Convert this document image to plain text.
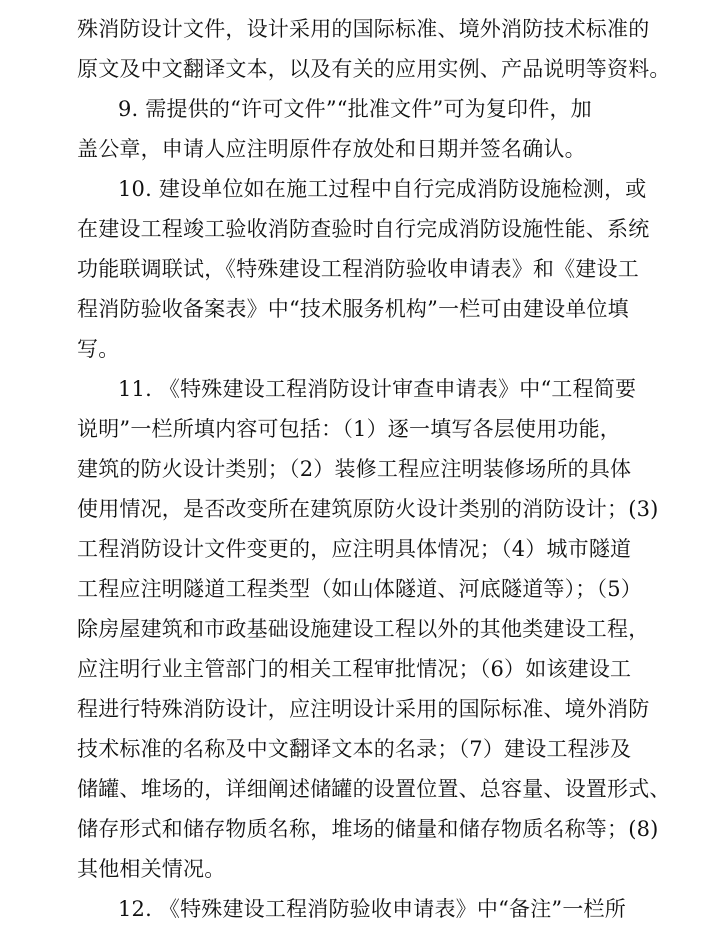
殊消防设计文件，设计采用的国际标准、境外消防技术标准的
原文及中文翻译文本，以及有关的应用实例、产品说明等资料。
9. 需提供的“许可文件”“批准文件”可为复印件，加
盖公章，申请人应注明原件存放处和日期并签名确认。
10. 建设单位如在施工过程中自行完成消防设施检测，或
在建设工程竣工验收消防查验时自行完成消防设施性能、系统
功能联调联试，《特殊建设工程消防验收申请表》和《建设工
程消防验收备案表》中“技术服务机构”一栏可由建设单位填
写。
11. 《特殊建设工程消防设计审查申请表》中“工程简要
说明”一栏所填内容可包括：（1）逐一填写各层使用功能，
建筑的防火设计类别；（2）装修工程应注明装修场所的具体
使用情况，是否改变所在建筑原防火设计类别的消防设计；(3)
工程消防设计文件变更的，应注明具体情况；（4）城市隧道
工程应注明隧道工程类型（如山体隧道、河底隧道等）；（5）
除房屋建筑和市政基础设施建设工程以外的其他类建设工程，
应注明行业主管部门的相关工程审批情况；（6）如该建设工
程进行特殊消防设计，应注明设计采用的国际标准、境外消防
技术标准的名称及中文翻译文本的名录；（7）建设工程涉及
储罐、堆场的，详细阐述储罐的设置位置、总容量、设置形式、
储存形式和储存物质名称，堆场的储量和储存物质名称等；(8)
其他相关情况。
12. 《特殊建设工程消防验收申请表》中“备注”一栏所
